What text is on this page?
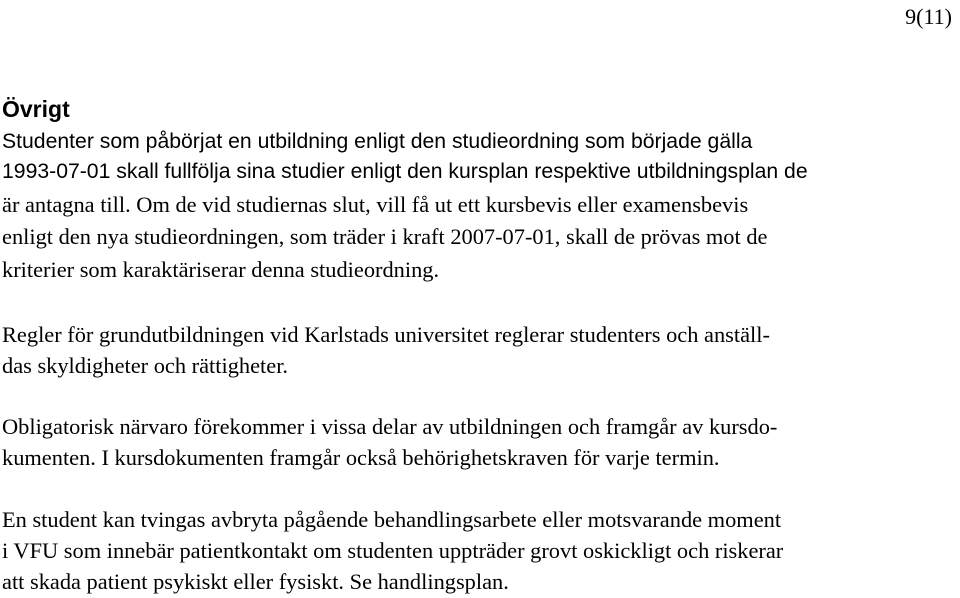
9(11)
Övrigt

Studenter som påbörjat en utbildning enligt den studieordning som började gälla

1993-07-01 skall fullfölja sina studier enligt den kursplan respektive utbildningsplan de

är antagna till. Om de vid studiernas slut, vill få ut ett kursbevis eller examensbevis

enligt den nya studieordningen, som träder i kraft 2007-07-01, skall de prövas mot de

kriterier som karaktäriserar denna studieordning.

Regler för grundutbildningen vid Karlstads universitet reglerar studenters och anställ-

das skyldigheter och rättigheter.

Obligatorisk närvaro förekommer i vissa delar av utbildningen och framgår av kursdo-

kumenten. I kursdokumenten framgår också behörighetskraven för varje termin.

En student kan tvingas avbryta pågående behandlingsarbete eller motsvarande moment

i VFU som innebär patientkontakt om studenten uppträder grovt oskickligt och riskerar

att skada patient psykiskt eller fysiskt. Se handlingsplan.
